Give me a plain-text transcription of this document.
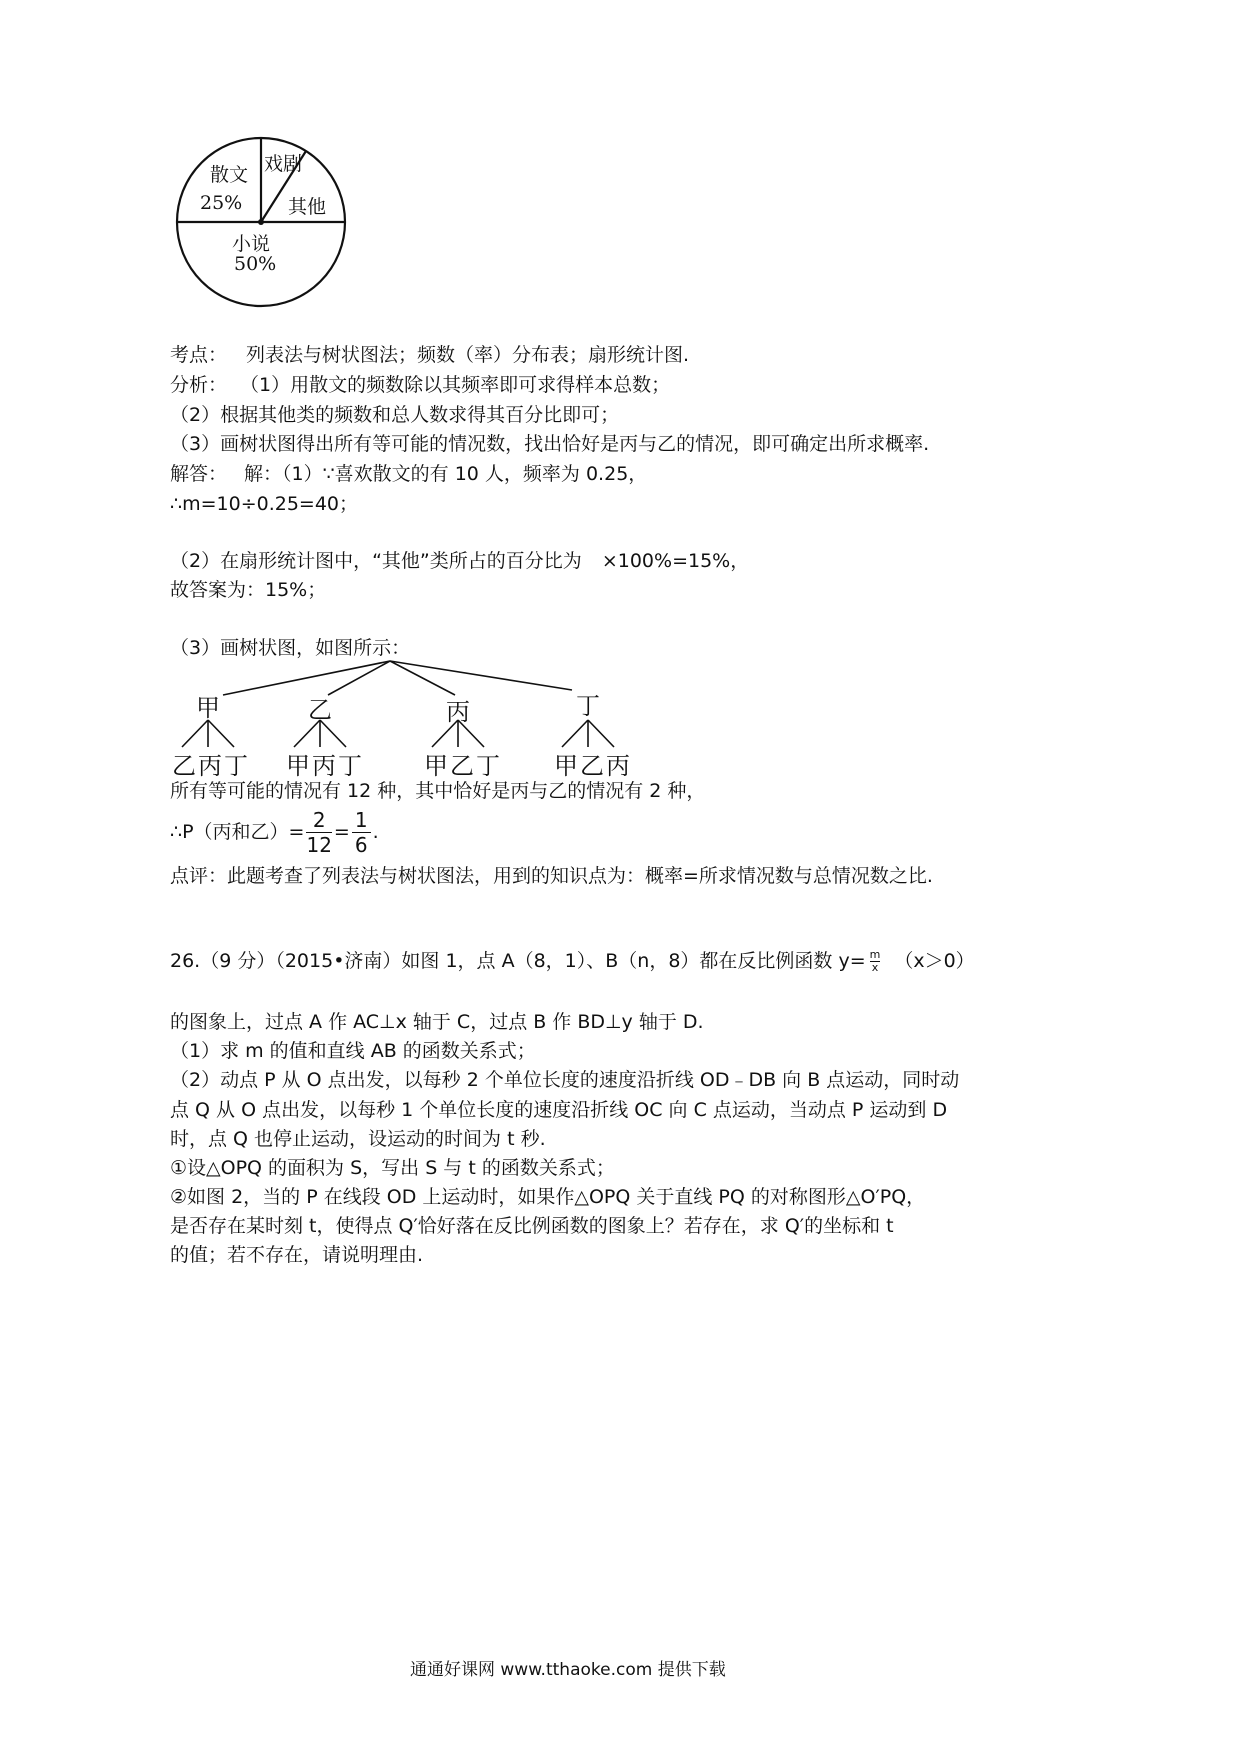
散文
25%
戏剧
其他
小说
50%
考点： 列表法与树状图法；频数（率）分布表；扇形统计图.
分析： （1）用散文的频数除以其频率即可求得样本总数；
（2）根据其他类的频数和总人数求得其百分比即可；
（3）画树状图得出所有等可能的情况数，找出恰好是丙与乙的情况，即可确定出所求概率.
解答： 解：（1）∵喜欢散文的有 10 人，频率为 0.25，
∴m=10÷0.25=40；
（2）在扇形统计图中，“其他”类所占的百分比为 ×100%=15%，
故答案为：15%；
（3）画树状图，如图所示：
甲	乙	丙	丁
乙丙丁 甲丙丁	甲乙丁 甲乙丙
所有等可能的情况有 12 种，其中恰好是丙与乙的情况有 2 种，
∴P（丙和乙）= $\frac{2}{12} = \frac{1}{6}$ .
点评：此题考查了列表法与树状图法，用到的知识点为：概率=所求情况数与总情况数之比.
26.（9 分）（2015•济南）如图 1，点 A（8，1）、B（n，8）都在反比例函数 $y= \frac{m}{x} (x>0)$
的图象上，过点 A 作 AC⊥x 轴于 C，过点 B 作 BD⊥y 轴于 D.
（1）求 m 的值和直线 AB 的函数关系式；
（2）动点 P 从 O 点出发，以每秒 2 个单位长度的速度沿折线 OD﹣DB 向 B 点运动，同时动
点 Q 从 O 点出发，以每秒 1 个单位长度的速度沿折线 OC 向 C 点运动，当动点 P 运动到 D
时，点 Q 也停止运动，设运动的时间为 t 秒.
①设△OPQ 的面积为 S，写出 S 与 t 的函数关系式；
②如图 2，当的 P 在线段 OD 上运动时，如果作△OPQ 关于直线 PQ 的对称图形△O′PQ，
是否存在某时刻 t，使得点 Q′恰好落在反比例函数的图象上？若存在，求 Q′的坐标和 t
的值；若不存在，请说明理由.
通通好课网 www.tthaoke.com 提供下载
